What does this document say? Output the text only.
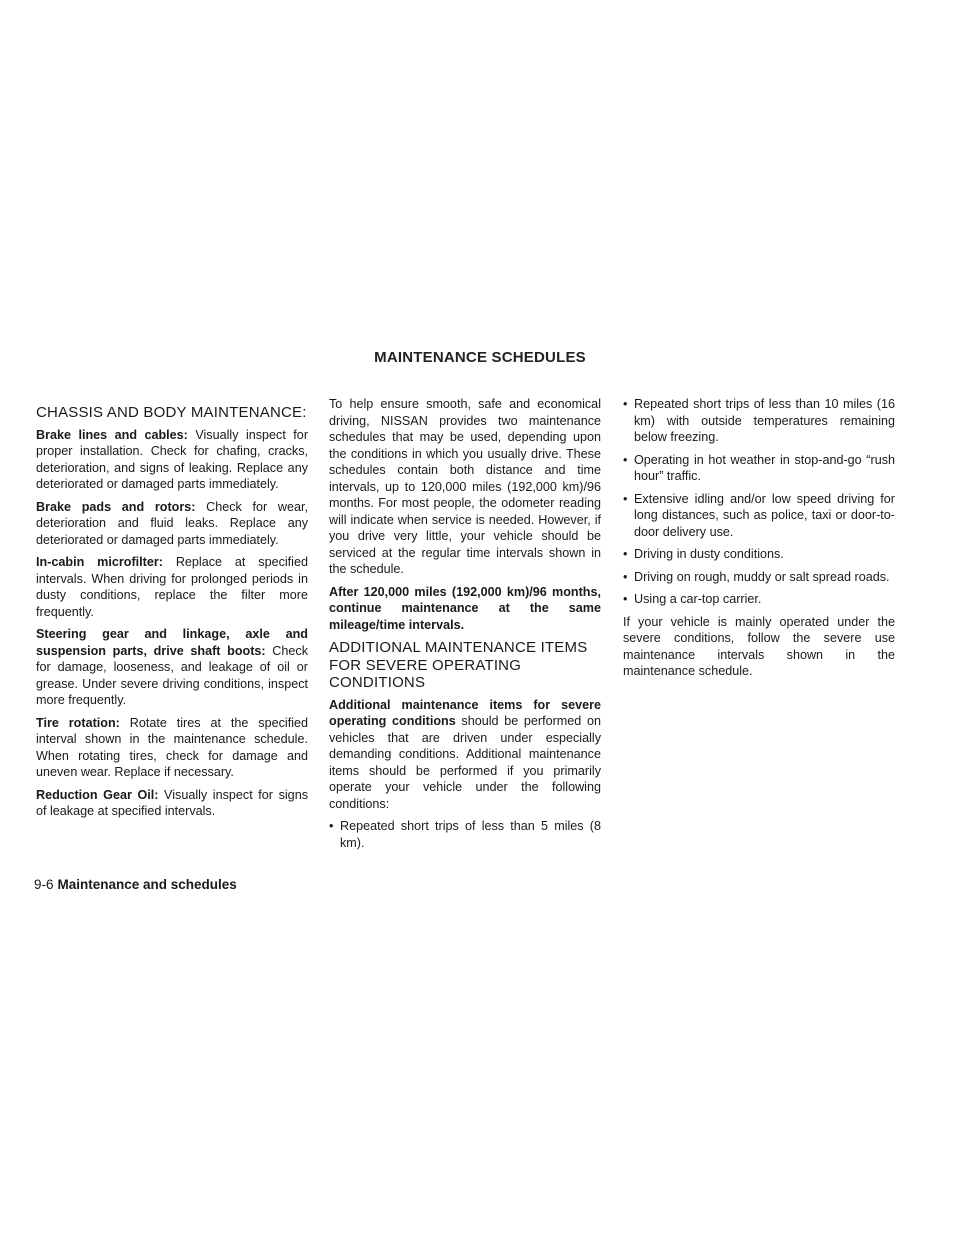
MAINTENANCE SCHEDULES
CHASSIS AND BODY MAINTENANCE:

Brake lines and cables: Visually inspect for proper installation. Check for chafing, cracks, deterioration, and signs of leaking. Replace any deteriorated or damaged parts immediately.

Brake pads and rotors: Check for wear, deterioration and fluid leaks. Replace any deteriorated or damaged parts immediately.

In-cabin microfilter: Replace at specified intervals. When driving for prolonged periods in dusty conditions, replace the filter more frequently.

Steering gear and linkage, axle and suspension parts, drive shaft boots: Check for damage, looseness, and leakage of oil or grease. Under severe driving conditions, inspect more frequently.

Tire rotation: Rotate tires at the specified interval shown in the maintenance schedule. When rotating tires, check for damage and uneven wear. Replace if necessary.

Reduction Gear Oil: Visually inspect for signs of leakage at specified intervals.

To help ensure smooth, safe and economical driving, NISSAN provides two maintenance schedules that may be used, depending upon the conditions in which you usually drive. These schedules contain both distance and time intervals, up to 120,000 miles (192,000 km)/96 months. For most people, the odometer reading will indicate when service is needed. However, if you drive very little, your vehicle should be serviced at the regular time intervals shown in the schedule.

After 120,000 miles (192,000 km)/96 months, continue maintenance at the same mileage/time intervals.

ADDITIONAL MAINTENANCE ITEMS FOR SEVERE OPERATING CONDITIONS

Additional maintenance items for severe operating conditions should be performed on vehicles that are driven under especially demanding conditions. Additional maintenance items should be performed if you primarily operate your vehicle under the following conditions:

• Repeated short trips of less than 5 miles (8 km).
• Repeated short trips of less than 10 miles (16 km) with outside temperatures remaining below freezing.
• Operating in hot weather in stop-and-go “rush hour” traffic.
• Extensive idling and/or low speed driving for long distances, such as police, taxi or door-to-door delivery use.
• Driving in dusty conditions.
• Driving on rough, muddy or salt spread roads.
• Using a car-top carrier.

If your vehicle is mainly operated under the severe conditions, follow the severe use maintenance intervals shown in the maintenance schedule.

9-6 Maintenance and schedules
